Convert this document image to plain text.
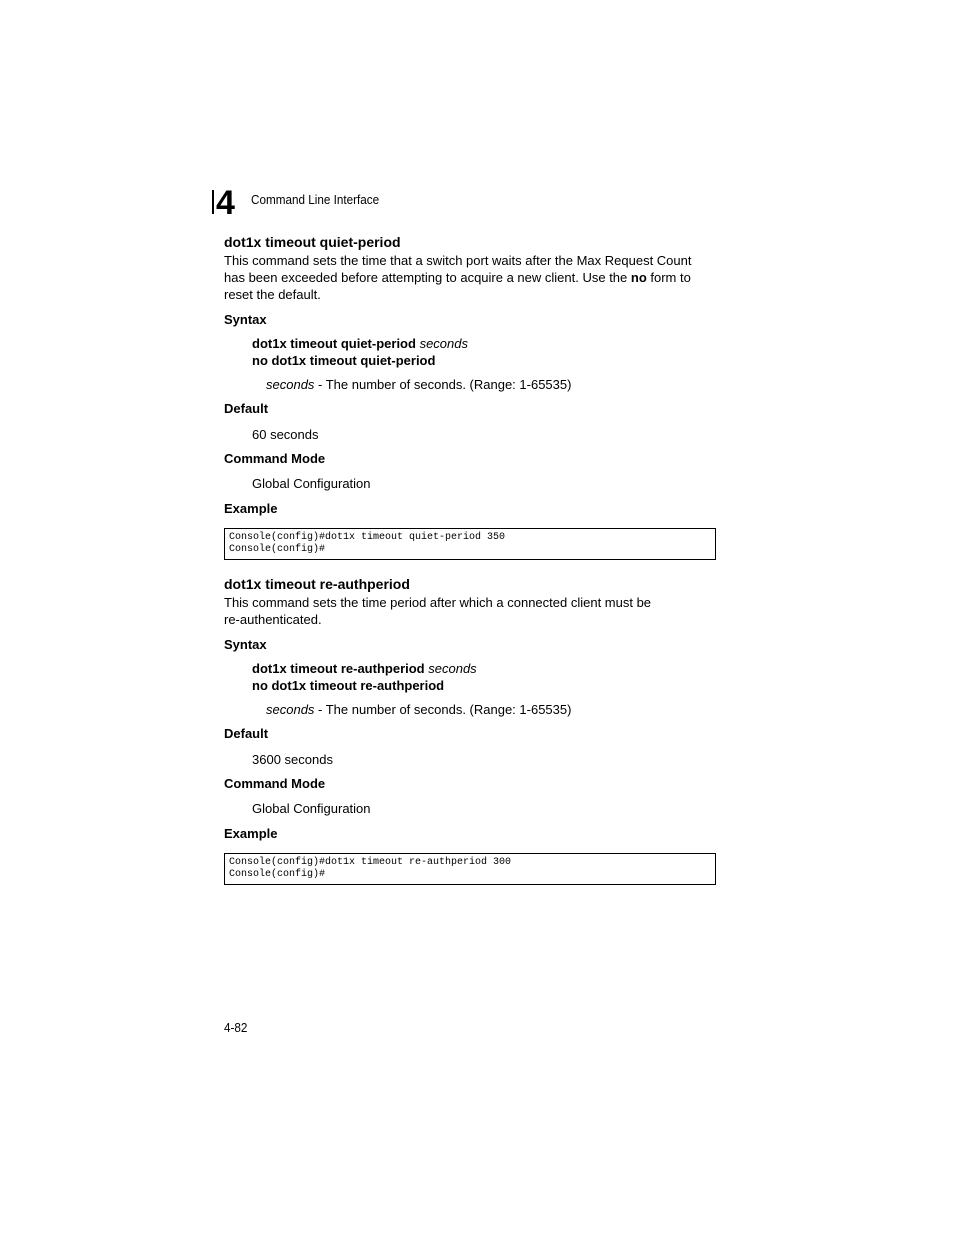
4 Command Line Interface
dot1x timeout quiet-period
This command sets the time that a switch port waits after the Max Request Count has been exceeded before attempting to acquire a new client. Use the no form to reset the default.
Syntax
dot1x timeout quiet-period seconds
no dot1x timeout quiet-period
seconds - The number of seconds. (Range: 1-65535)
Default
60 seconds
Command Mode
Global Configuration
Example
Console(config)#dot1x timeout quiet-period 350
Console(config)#
dot1x timeout re-authperiod
This command sets the time period after which a connected client must be re-authenticated.
Syntax
dot1x timeout re-authperiod seconds
no dot1x timeout re-authperiod
seconds - The number of seconds. (Range: 1-65535)
Default
3600 seconds
Command Mode
Global Configuration
Example
Console(config)#dot1x timeout re-authperiod 300
Console(config)#
4-82
